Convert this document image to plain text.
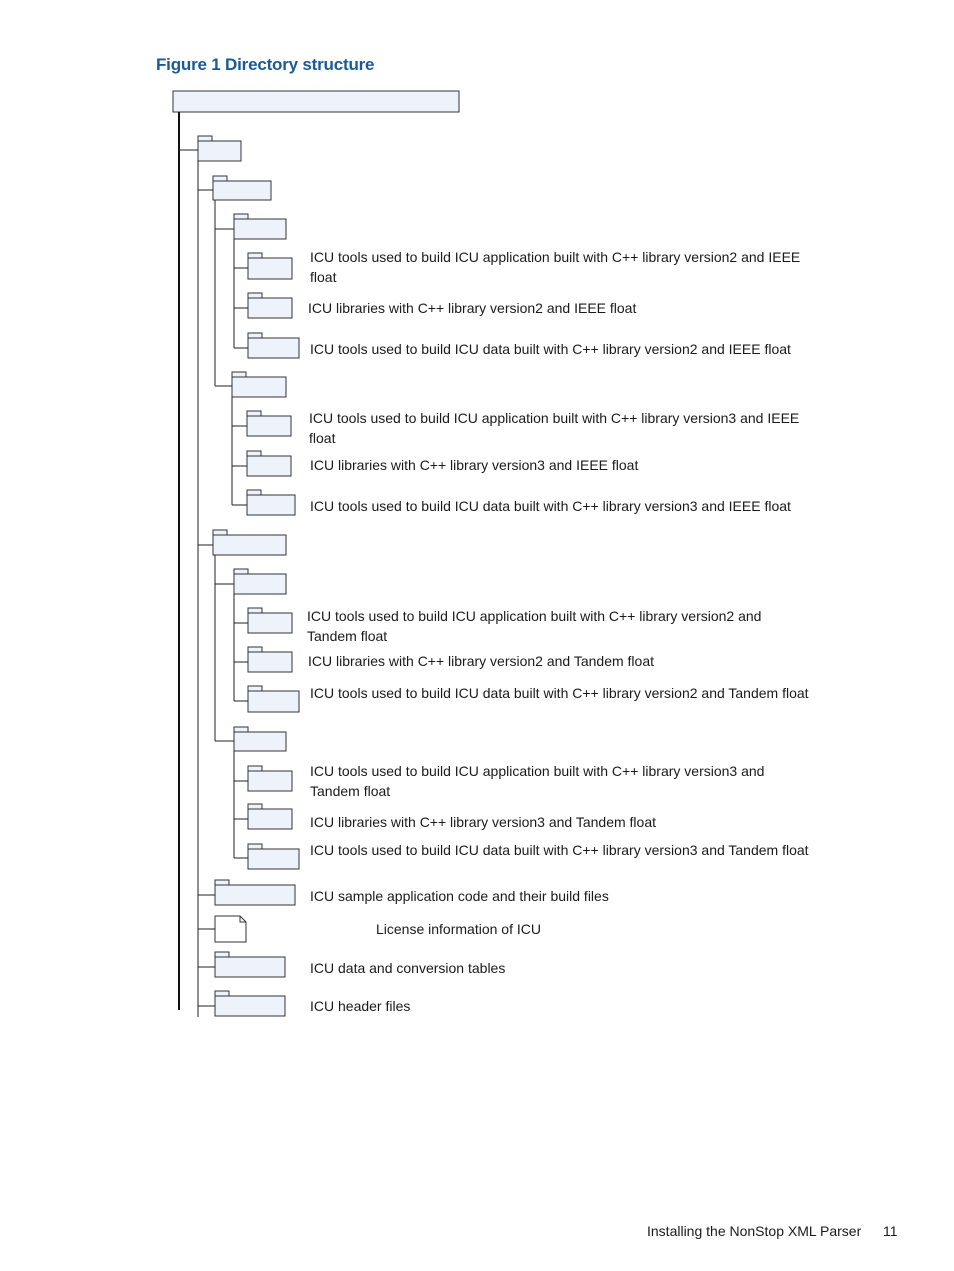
Figure 1 Directory structure
ICU tools used to build ICU application built with C++ library version2 and IEEE float
ICU libraries with C++ library version2 and IEEE float
ICU tools used to build ICU data built with C++ library version2 and IEEE float
ICU tools used to build ICU application built with C++ library version3 and IEEE float
ICU libraries with C++ library version3 and IEEE float
ICU tools used to build ICU data built with C++ library version3 and IEEE float
ICU tools used to build ICU application built with C++ library version2 and Tandem float
ICU libraries with C++ library version2 and Tandem float
ICU tools used to build ICU data built with C++ library version2 and Tandem float
ICU tools used to build ICU application built with C++ library version3 and Tandem float
ICU libraries with C++ library version3 and Tandem float
ICU tools used to build ICU data built with C++ library version3 and Tandem float
ICU sample application code and their build files
License information of ICU
ICU data and conversion tables
ICU header files
Installing the NonStop XML Parser 11
